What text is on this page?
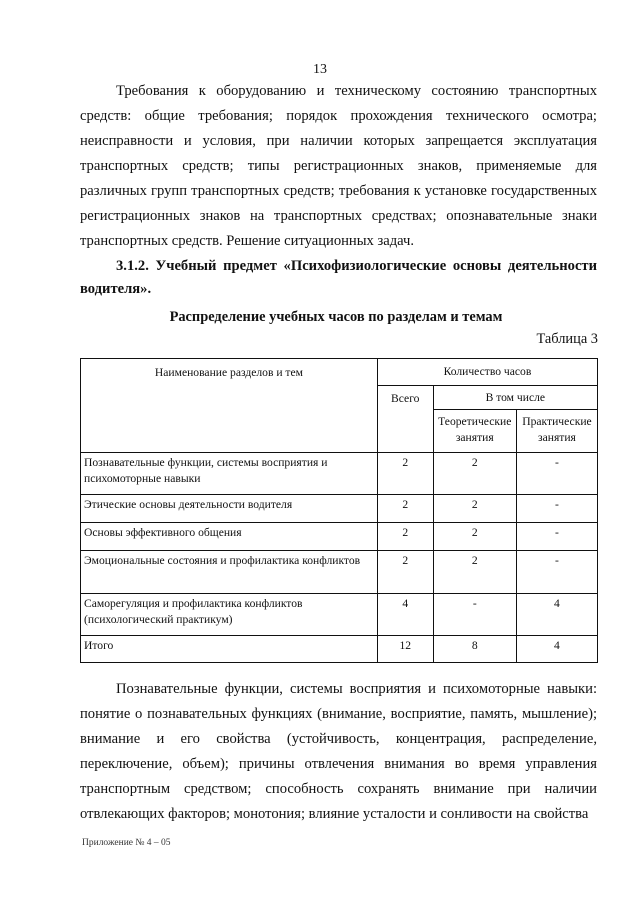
13

Требования к оборудованию и техническому состоянию транспортных средств: общие требования; порядок прохождения технического осмотра; неисправности и условия, при наличии которых запрещается эксплуатация транспортных средств; типы регистрационных знаков, применяемые для различных групп транспортных средств; требования к установке государственных регистрационных знаков на транспортных средствах; опознавательные знаки транспортных средств. Решение ситуационных задач.

3.1.2. Учебный предмет «Психофизиологические основы деятельности водителя».

Распределение учебных часов по разделам и темам
Таблица 3
Наименование разделов и тем	Количество часов		
	Всего	В том числе	
		Теоретические занятия	Практические занятия
Познавательные функции, системы восприятия и психомоторные навыки	2	2	-
Этические основы деятельности водителя	2	2	-
Основы эффективного общения	2	2	-
Эмоциональные состояния и профилактика конфликтов	2	2	-
Саморегуляция и профилактика конфликтов (психологический практикум)	4	-	4
Итого	12	8	4

Познавательные функции, системы восприятия и психомоторные навыки: понятие о познавательных функциях (внимание, восприятие, память, мышление); внимание и его свойства (устойчивость, концентрация, распределение, переключение, объем); причины отвлечения внимания во время управления транспортным средством; способность сохранять внимание при наличии отвлекающих факторов; монотония; влияние усталости и сонливости на свойства

Приложение № 4 – 05
